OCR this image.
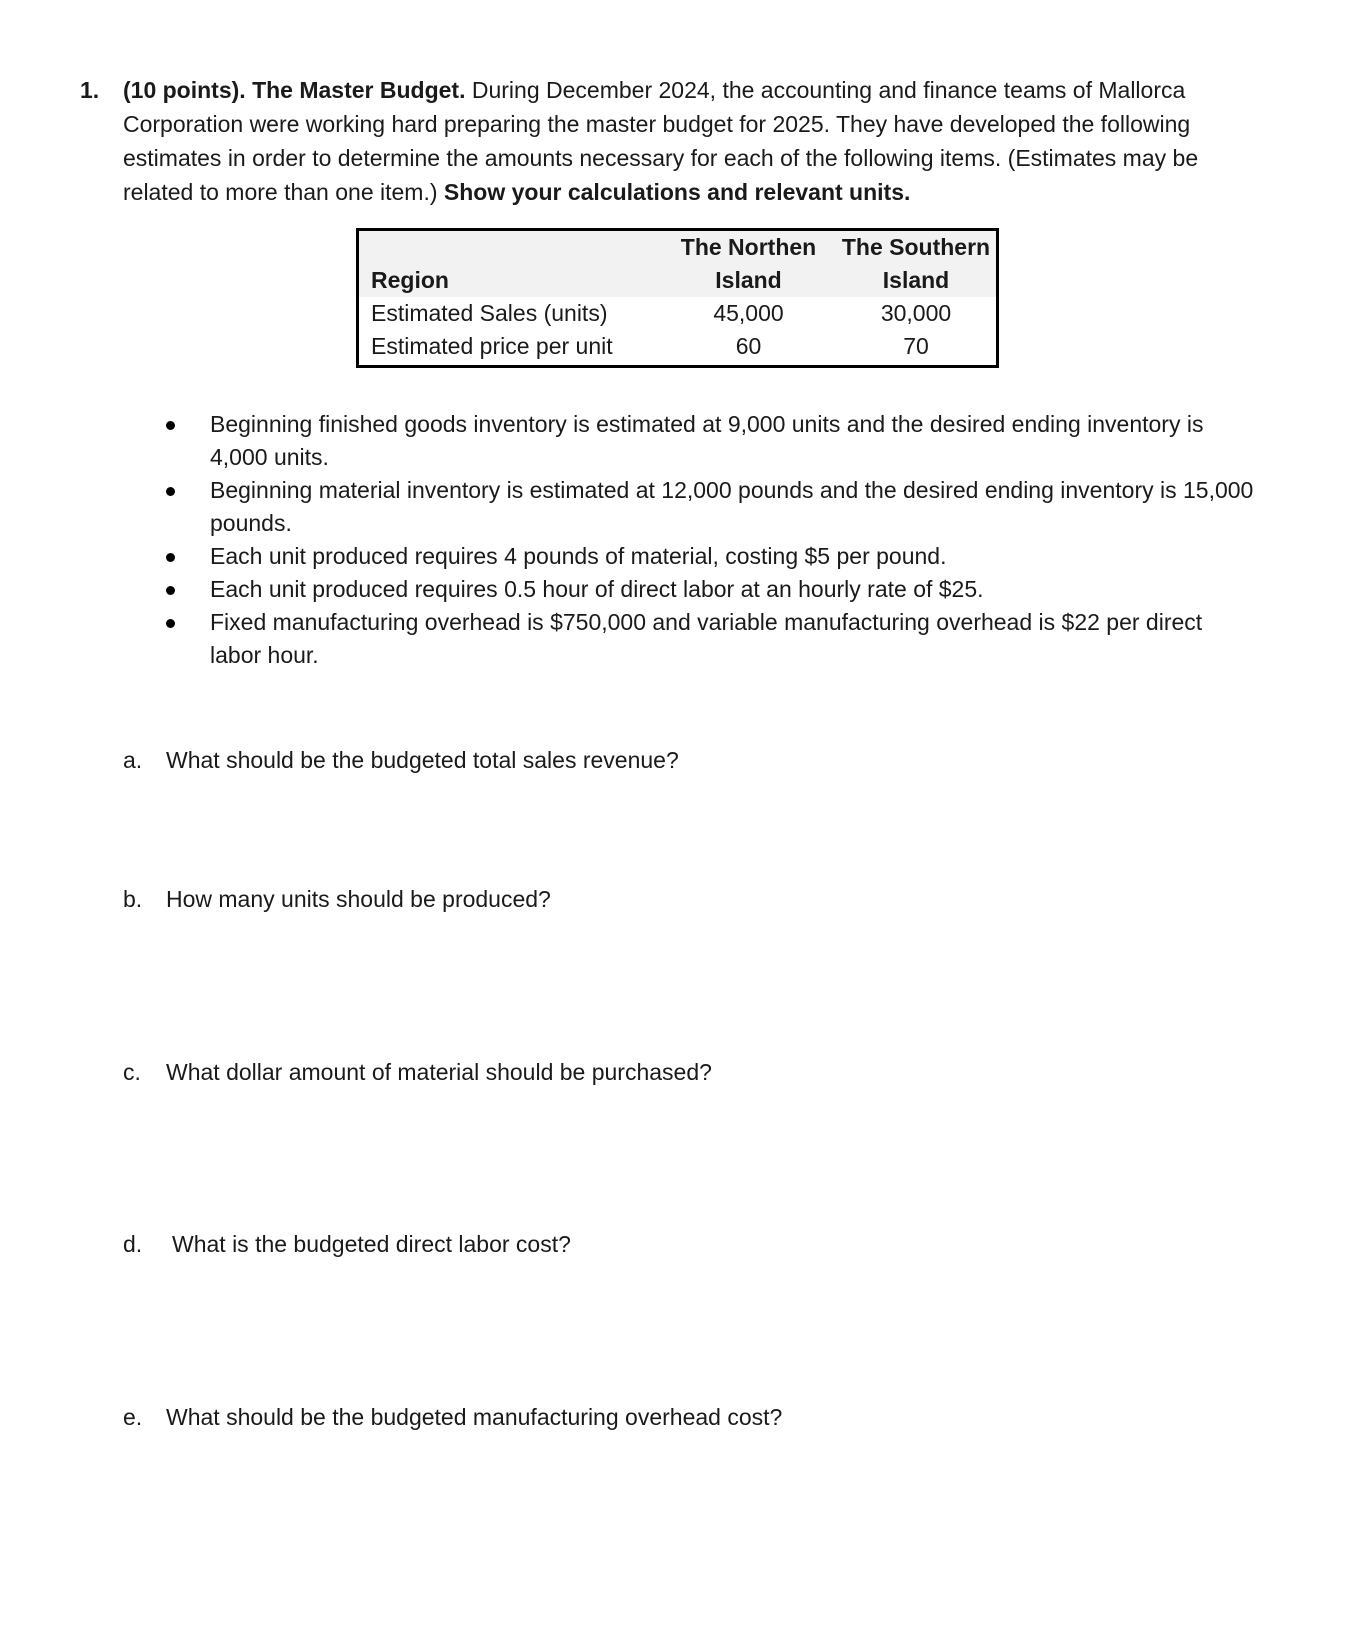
1. (10 points). The Master Budget. During December 2024, the accounting and finance teams of Mallorca Corporation were working hard preparing the master budget for 2025. They have developed the following estimates in order to determine the amounts necessary for each of the following items. (Estimates may be related to more than one item.) Show your calculations and relevant units.
	The Northen	The Southern
Region	Island	Island
Estimated Sales (units)	45,000	30,000
Estimated price per unit	60	70
Beginning finished goods inventory is estimated at 9,000 units and the desired ending inventory is 4,000 units.
Beginning material inventory is estimated at 12,000 pounds and the desired ending inventory is 15,000 pounds.
Each unit produced requires 4 pounds of material, costing $5 per pound.
Each unit produced requires 0.5 hour of direct labor at an hourly rate of $25.
Fixed manufacturing overhead is $750,000 and variable manufacturing overhead is $22 per direct labor hour.
a. What should be the budgeted total sales revenue?
b. How many units should be produced?
c. What dollar amount of material should be purchased?
d. What is the budgeted direct labor cost?
e. What should be the budgeted manufacturing overhead cost?
